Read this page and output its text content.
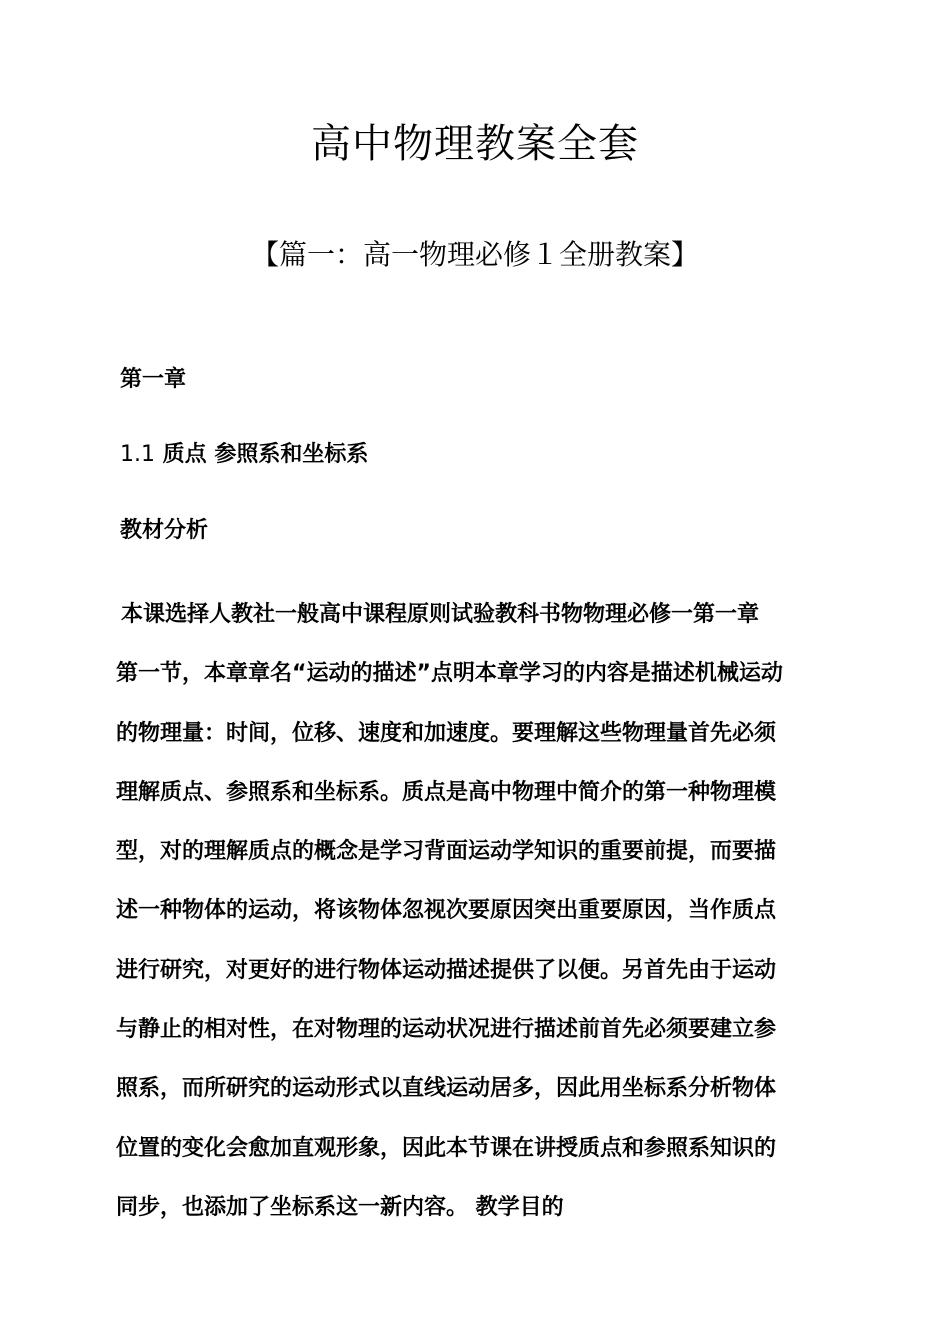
高中物理教案全套
【篇一：高一物理必修１全册教案】
第一章
1.1 质点 参照系和坐标系
教材分析
本课选择人教社一般高中课程原则试验教科书物物理必修一第一章
第一节，本章章名“运动的描述”点明本章学习的内容是描述机械运动
的物理量：时间，位移、速度和加速度。要理解这些物理量首先必须
理解质点、参照系和坐标系。质点是高中物理中简介的第一种物理模
型，对的理解质点的概念是学习背面运动学知识的重要前提，而要描
述一种物体的运动，将该物体忽视次要原因突出重要原因，当作质点
进行研究，对更好的进行物体运动描述提供了以便。另首先由于运动
与静止的相对性，在对物理的运动状况进行描述前首先必须要建立参
照系，而所研究的运动形式以直线运动居多，因此用坐标系分析物体
位置的变化会愈加直观形象，因此本节课在讲授质点和参照系知识的
同步，也添加了坐标系这一新内容。 教学目的
